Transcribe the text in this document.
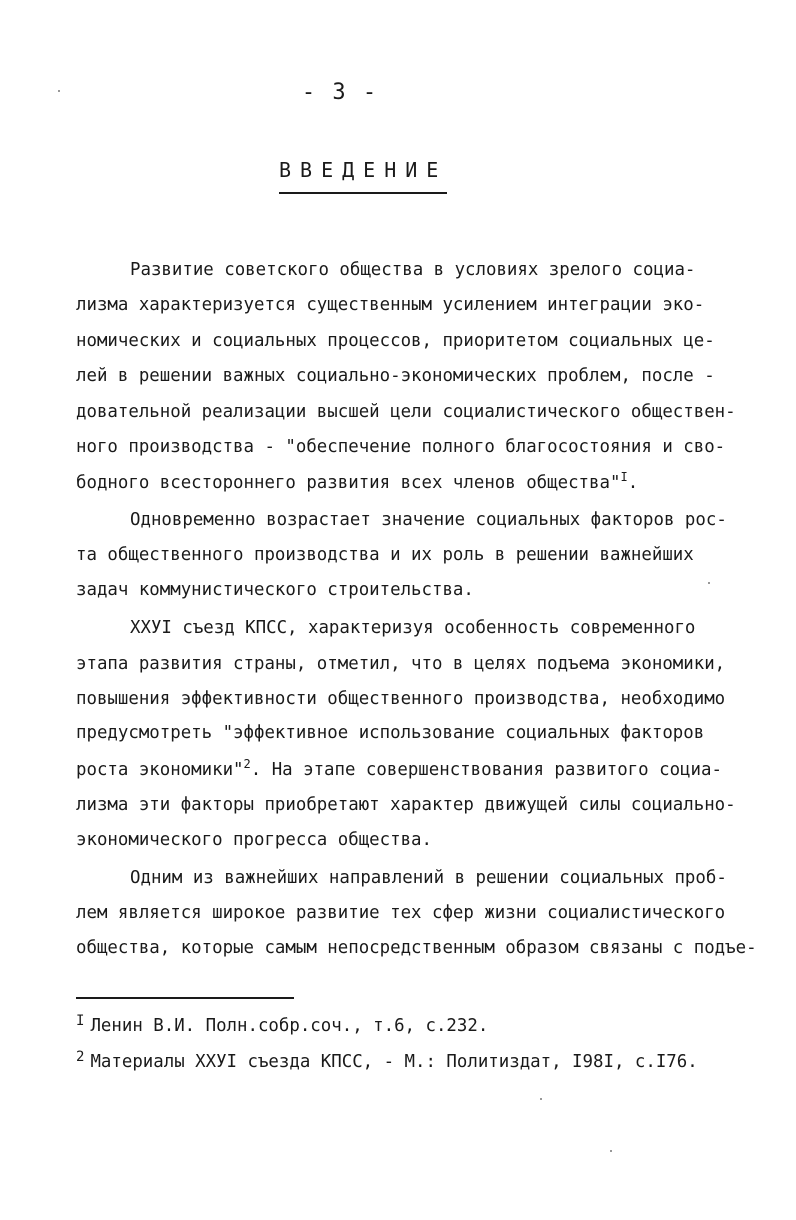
- 3 -
ВВЕДЕНИЕ
Развитие советского общества в условиях зрелого социа-
лизма характеризуется существенным усилением интеграции эко-
номических и социальных процессов, приоритетом социальных це-
лей в решении важных социально-экономических проблем, после -
довательной реализации высшей цели социалистического обществен-
ного производства - "обеспечение полного благосостояния и сво-
бодного всестороннего развития всех членов общества"$^I$.
Одновременно возрастает значение социальных факторов рос-
та общественного производства и их роль в решении важнейших
задач коммунистического строительства.
ХХУI съезд КПСС, характеризуя особенность современного
этапа развития страны, отметил, что в целях подъема экономики,
повышения эффективности общественного производства, необходимо
предусмотреть "эффективное использование социальных факторов
роста экономики"$^2$. На этапе совершенствования развитого социа-
лизма эти факторы приобретают характер движущей силы социально-
экономического прогресса общества.
Одним из важнейших направлений в решении социальных проб-
лем является широкое развитие тех сфер жизни социалистического
общества, которые самым непосредственным образом связаны с подъе-
$^I$ Ленин В.И. Полн.собр.соч., т.6, с.232.
$^2$ Материалы ХХУI съезда КПСС, - М.: Политиздат, I98I, с.I76.
